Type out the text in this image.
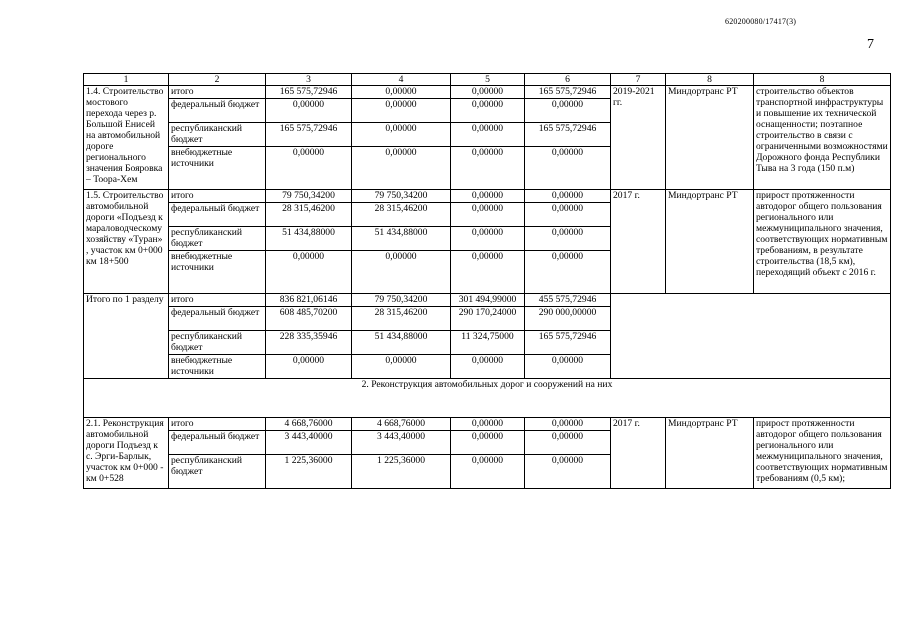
620200080/17417(3)
7
1	2	3	4	5	6	7	8	8
1.4. Строительство мостового перехода через р. Большой Енисей на автомобильной дороге регионального значения Бояровка – Тоора-Хем	итого	165 575,72946	0,00000	0,00000	165 575,72946	2019-2021 гг.	Миндортранс РТ	строительство объектов транспортной инфраструктуры и повышение их технической оснащенности; поэтапное строительство в связи с ограниченными возможностями Дорожного фонда Республики Тыва на 3 года (150 п.м)
	федеральный бюджет	0,00000	0,00000	0,00000	0,00000			
	республиканский бюджет	165 575,72946	0,00000	0,00000	165 575,72946			
	внебюджетные источники	0,00000	0,00000	0,00000	0,00000			
1.5. Строительство автомобильной дороги «Подъезд к мараловодческому хозяйству «Туран» , участок км 0+000 км 18+500	итого	79 750,34200	79 750,34200	0,00000	0,00000	2017 г.	Миндортранс РТ	прирост протяженности автодорог общего пользования регионального или межмуниципального значения, соответствующих нормативным требованиям, в результате строительства (18,5 км), переходящий объект с 2016 г.
	федеральный бюджет	28 315,46200	28 315,46200	0,00000	0,00000			
	республиканский бюджет	51 434,88000	51 434,88000	0,00000	0,00000			
	внебюджетные источники	0,00000	0,00000	0,00000	0,00000			
Итого по 1 разделу	итого	836 821,06146	79 750,34200	301 494,99000	455 575,72946			
	федеральный бюджет	608 485,70200	28 315,46200	290 170,24000	290 000,00000			
	республиканский бюджет	228 335,35946	51 434,88000	11 324,75000	165 575,72946			
	внебюджетные источники	0,00000	0,00000	0,00000	0,00000			
2. Реконструкция автомобильных дорог и сооружений на них								
2.1. Реконструкция автомобильной дороги Подъезд к с. Эрги-Барлык, участок км 0+000 - км 0+528	итого	4 668,76000	4 668,76000	0,00000	0,00000	2017 г.	Миндортранс РТ	прирост протяженности автодорог общего пользования регионального или межмуниципального значения, соответствующих нормативным требованиям (0,5 км);
	федеральный бюджет	3 443,40000	3 443,40000	0,00000	0,00000			
	республиканский бюджет	1 225,36000	1 225,36000	0,00000	0,00000			
